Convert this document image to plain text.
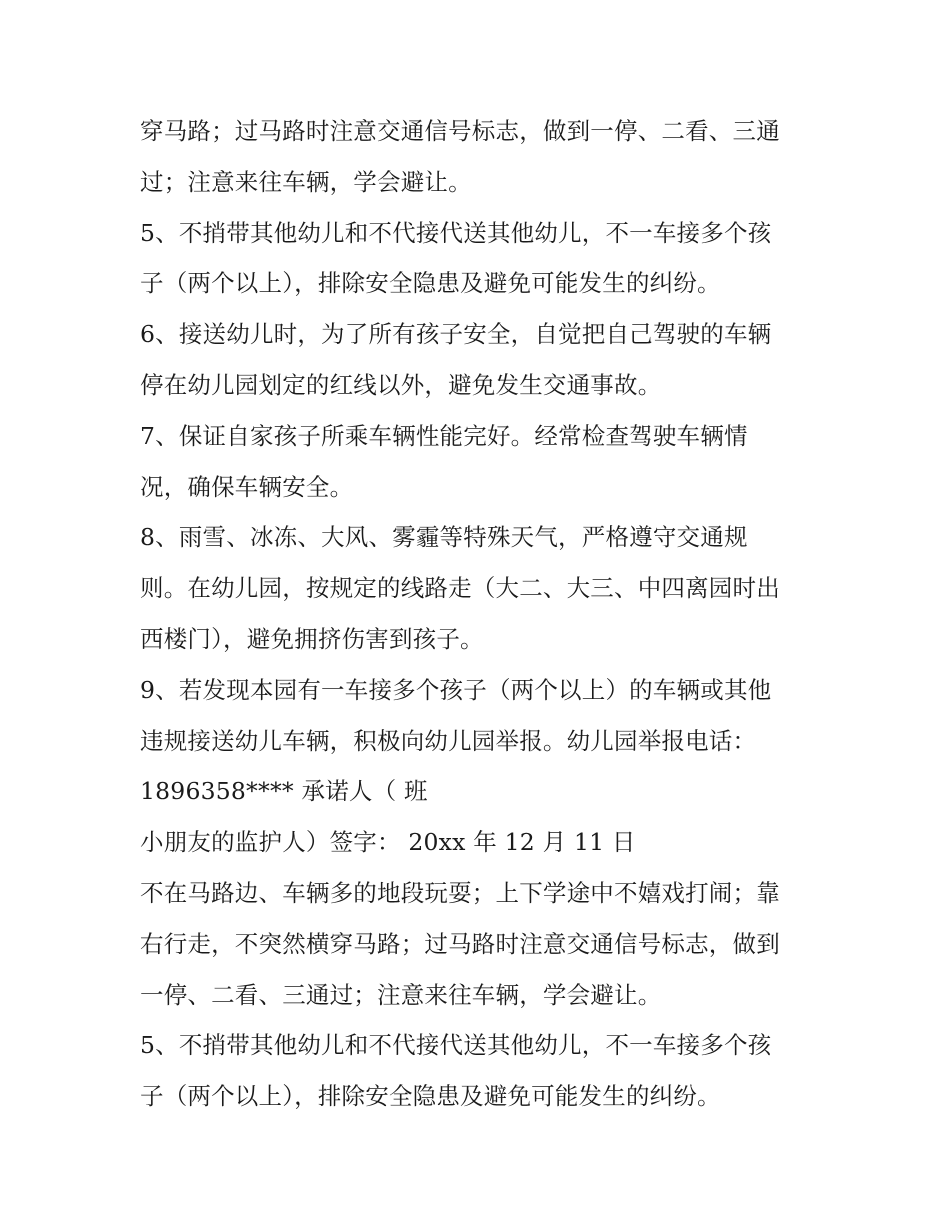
穿马路；过马路时注意交通信号标志，做到一停、二看、三通
过；注意来往车辆，学会避让。
5、不捎带其他幼儿和不代接代送其他幼儿，不一车接多个孩
子（两个以上），排除安全隐患及避免可能发生的纠纷。
6、接送幼儿时，为了所有孩子安全，自觉把自己驾驶的车辆
停在幼儿园划定的红线以外，避免发生交通事故。
7、保证自家孩子所乘车辆性能完好。经常检查驾驶车辆情
况，确保车辆安全。
8、雨雪、冰冻、大风、雾霾等特殊天气，严格遵守交通规
则。在幼儿园，按规定的线路走（大二、大三、中四离园时出
西楼门），避免拥挤伤害到孩子。
9、若发现本园有一车接多个孩子（两个以上）的车辆或其他
违规接送幼儿车辆，积极向幼儿园举报。幼儿园举报电话：
1896358**** 承诺人（ 班
小朋友的监护人）签字： 20xx 年 12 月 11 日
不在马路边、车辆多的地段玩耍；上下学途中不嬉戏打闹；靠
右行走，不突然横穿马路；过马路时注意交通信号标志，做到
一停、二看、三通过；注意来往车辆，学会避让。
5、不捎带其他幼儿和不代接代送其他幼儿，不一车接多个孩
子（两个以上），排除安全隐患及避免可能发生的纠纷。
